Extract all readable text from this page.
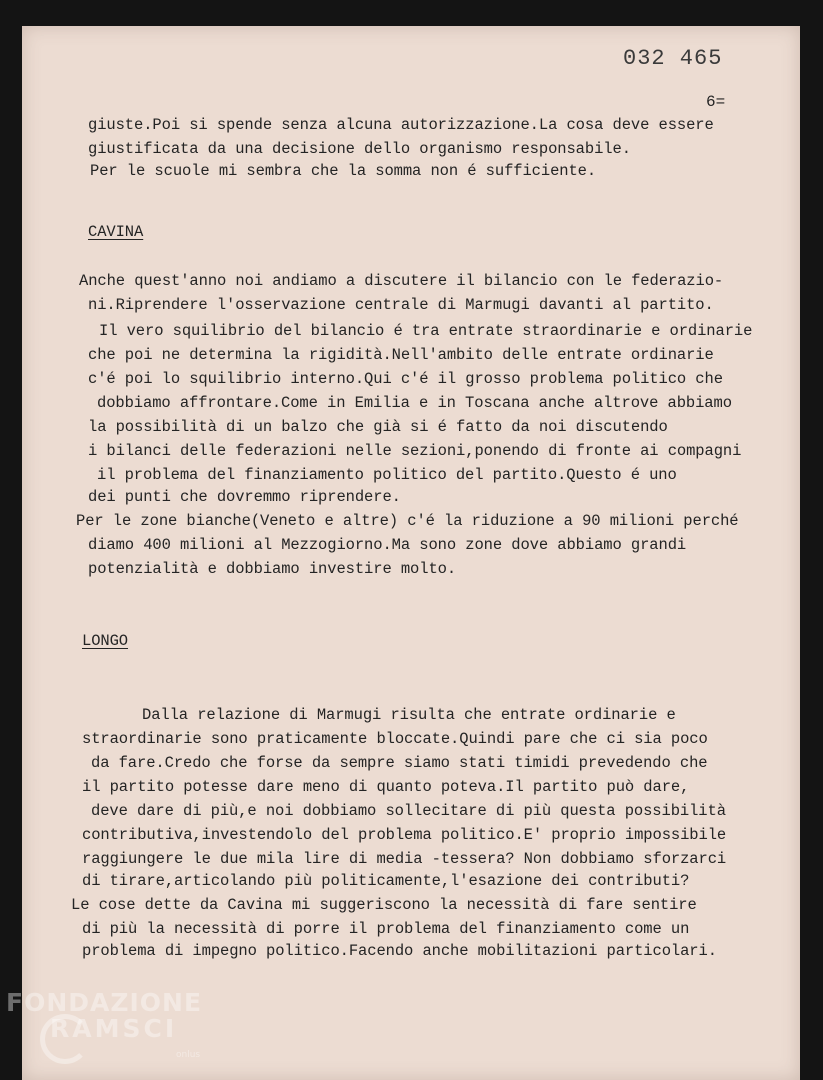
032 465
6=
giuste.Poi si spende senza alcuna autorizzazione.La cosa deve essere
giustificata da una decisione dello organismo responsabile.
Per le scuole mi sembra che la somma non é sufficiente.
CAVINA
Anche quest'anno noi andiamo a discutere il bilancio con le federazio-
ni.Riprendere l'osservazione centrale di Marmugi davanti al partito.
Il vero squilibrio del bilancio é tra entrate straordinarie e ordinarie
che poi ne determina la rigidità.Nell'ambito delle entrate ordinarie
c'é poi lo squilibrio interno.Qui c'é il grosso problema politico che
dobbiamo affrontare.Come in Emilia e in Toscana anche altrove abbiamo
la possibilità di un balzo che già si é fatto da noi discutendo
i bilanci delle federazioni nelle sezioni,ponendo di fronte ai compagni
il problema del finanziamento politico del partito.Questo é uno
dei punti che dovremmo riprendere.
Per le zone bianche(Veneto e altre) c'é la riduzione a 90 milioni perché
diamo 400 milioni al Mezzogiorno.Ma sono zone dove abbiamo grandi
potenzialità e dobbiamo investire molto.
LONGO
Dalla relazione di Marmugi risulta che entrate ordinarie e
straordinarie sono praticamente bloccate.Quindi pare che ci sia poco
da fare.Credo che forse da sempre siamo stati timidi prevedendo che
il partito potesse dare meno di quanto poteva.Il partito può dare,
deve dare di più,e noi dobbiamo sollecitare di più questa possibilità
contributiva,investendolo del problema politico.E' proprio impossibile
raggiungere le due mila lire di media -tessera? Non dobbiamo sforzarci
di tirare,articolando più politicamente,l'esazione dei contributi?
Le cose dette da Cavina mi suggeriscono la necessità di fare sentire
di più la necessità di porre il problema del finanziamento come un
problema di impegno politico.Facendo anche mobilitazioni particolari.
FONDAZIONE
RAMSCI
onlus
